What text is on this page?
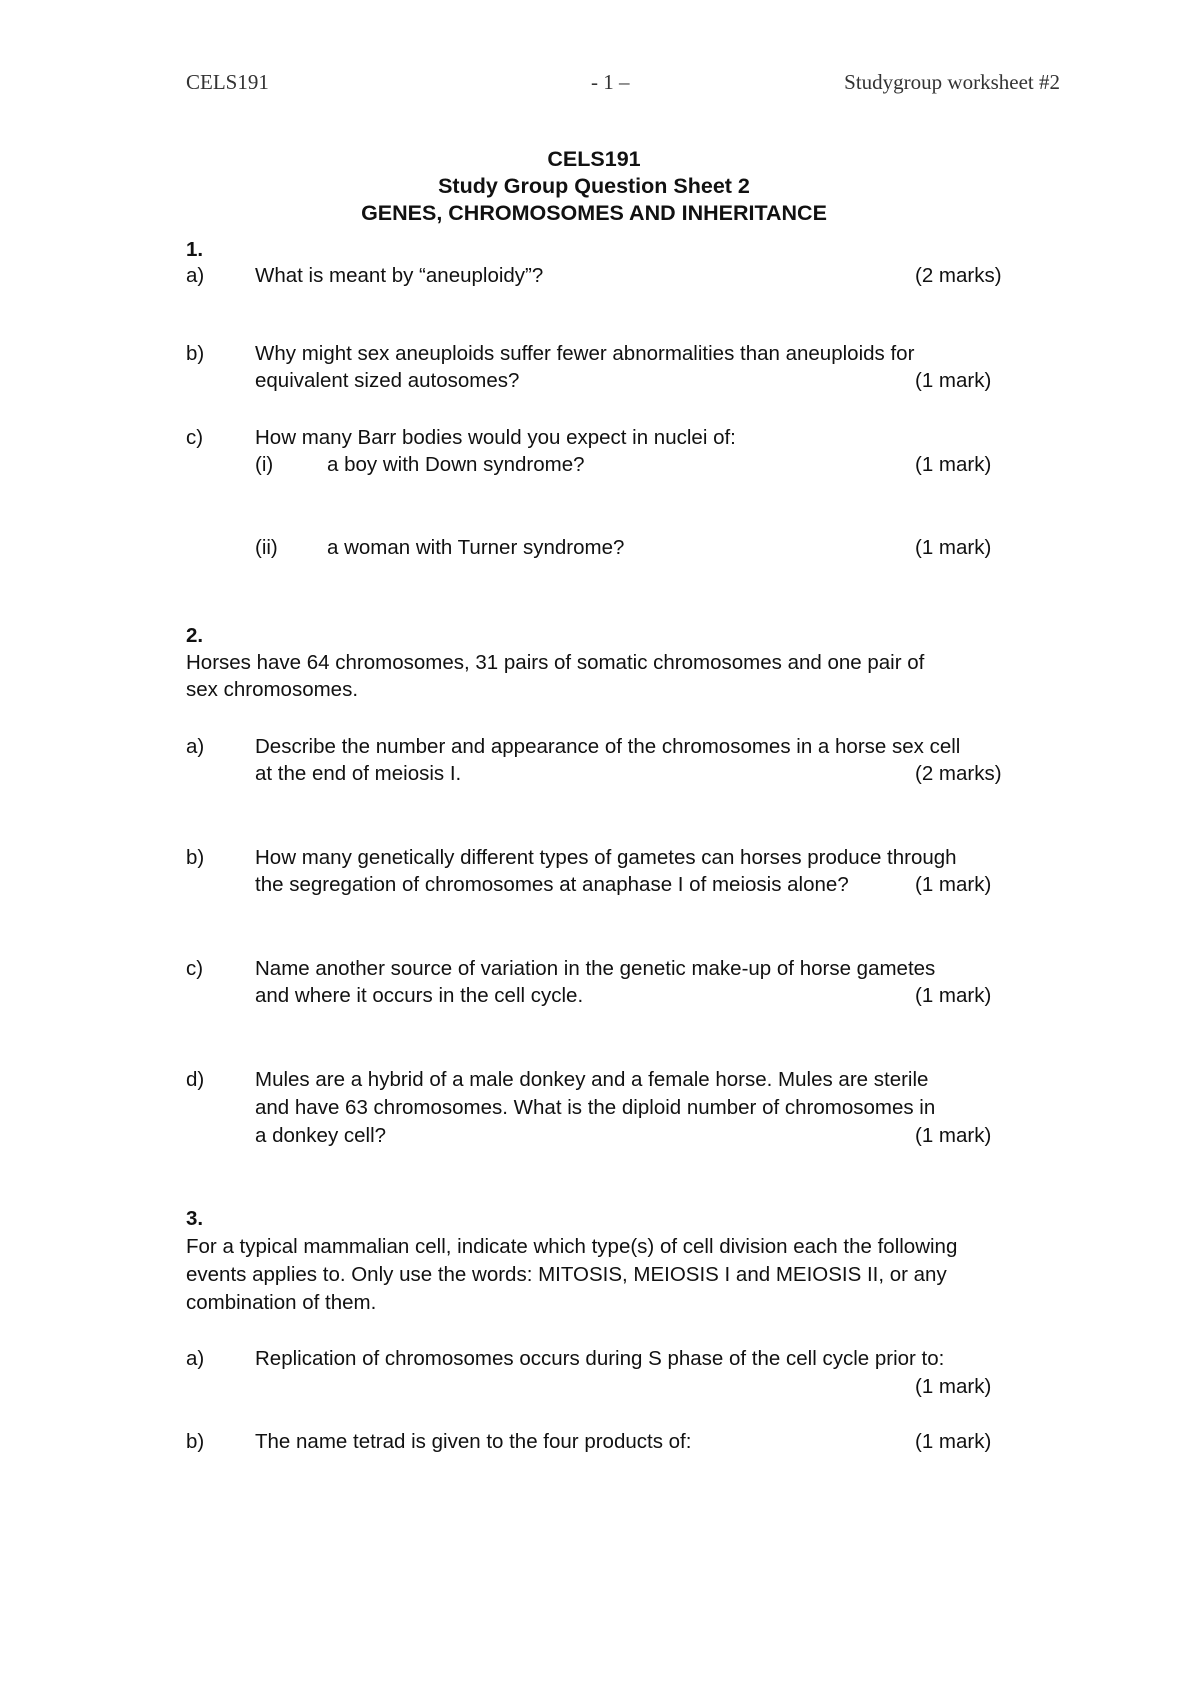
CELS191	- 1 –	Studygroup worksheet #2
CELS191
Study Group Question Sheet 2
GENES, CHROMOSOMES AND INHERITANCE
1.
a) What is meant by “aneuploidy”?	(2 marks)
b) Why might sex aneuploids suffer fewer abnormalities than aneuploids for
equivalent sized autosomes?	(1 mark)
c)	How many Barr bodies would you expect in nuclei of:
(i)	a boy with Down syndrome?	(1 mark)
(ii) a woman with Turner syndrome?	(1 mark)
2.
Horses have 64 chromosomes, 31 pairs of somatic chromosomes and one pair of
sex chromosomes.
a) Describe the number and appearance of the chromosomes in a horse sex cell
at the end of meiosis I.	(2 marks)
b) How many genetically different types of gametes can horses produce through
the segregation of chromosomes at anaphase I of meiosis alone?	(1 mark)
c)	Name another source of variation in the genetic make-up of horse gametes
and where it occurs in the cell cycle.	(1 mark)
d) Mules are a hybrid of a male donkey and a female horse. Mules are sterile
and have 63 chromosomes. What is the diploid number of chromosomes in
a donkey cell?	(1 mark)
3.
For a typical mammalian cell, indicate which type(s) of cell division each the following
events applies to. Only use the words: MITOSIS, MEIOSIS I and MEIOSIS II, or any
combination of them.
a) Replication of chromosomes occurs during S phase of the cell cycle prior to:
(1 mark)
b) The name tetrad is given to the four products of:	(1 mark)
